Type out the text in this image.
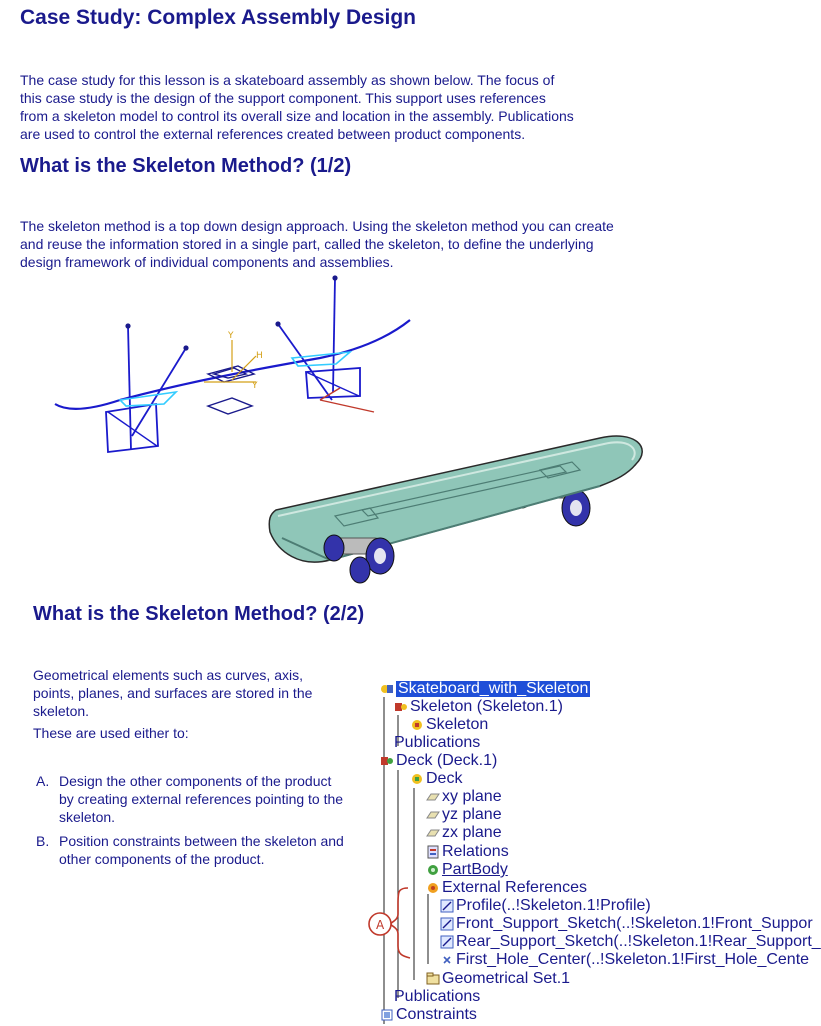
Case Study: Complex Assembly Design

The case study for this lesson is a skateboard assembly as shown below. The focus of

this case study is the design of the support component. This support uses references

from a skeleton model to control its overall size and location in the assembly. Publications

are used to control the external references created between product components.

What is the Skeleton Method? (1/2)

The skeleton method is a top down design approach. Using the skeleton method you can create

and reuse the information stored in a single part, called the skeleton, to define the underlying

design framework of individual components and assemblies.

Y
H
Y
What is the Skeleton Method? (2/2)

Geometrical elements such as curves, axis,

points, planes, and surfaces are stored in the

skeleton.

These are used either to:

A. Design the other components of the product by creating external references pointing to the skeleton.
B. Position constraints between the skeleton and other components of the product.
A
Skateboard_with_Skeleton
Skeleton (Skeleton.1)
Skeleton
Publications
Deck (Deck.1)
Deck
xy plane
yz plane
zx plane
Relations
PartBody
External References
Profile(..!Skeleton.1!Profile)
Front_Support_Sketch(..!Skeleton.1!Front_Suppor
Rear_Support_Sketch(..!Skeleton.1!Rear_Support_
First_Hole_Center(..!Skeleton.1!First_Hole_Cente
Geometrical Set.1
Publications
Constraints
